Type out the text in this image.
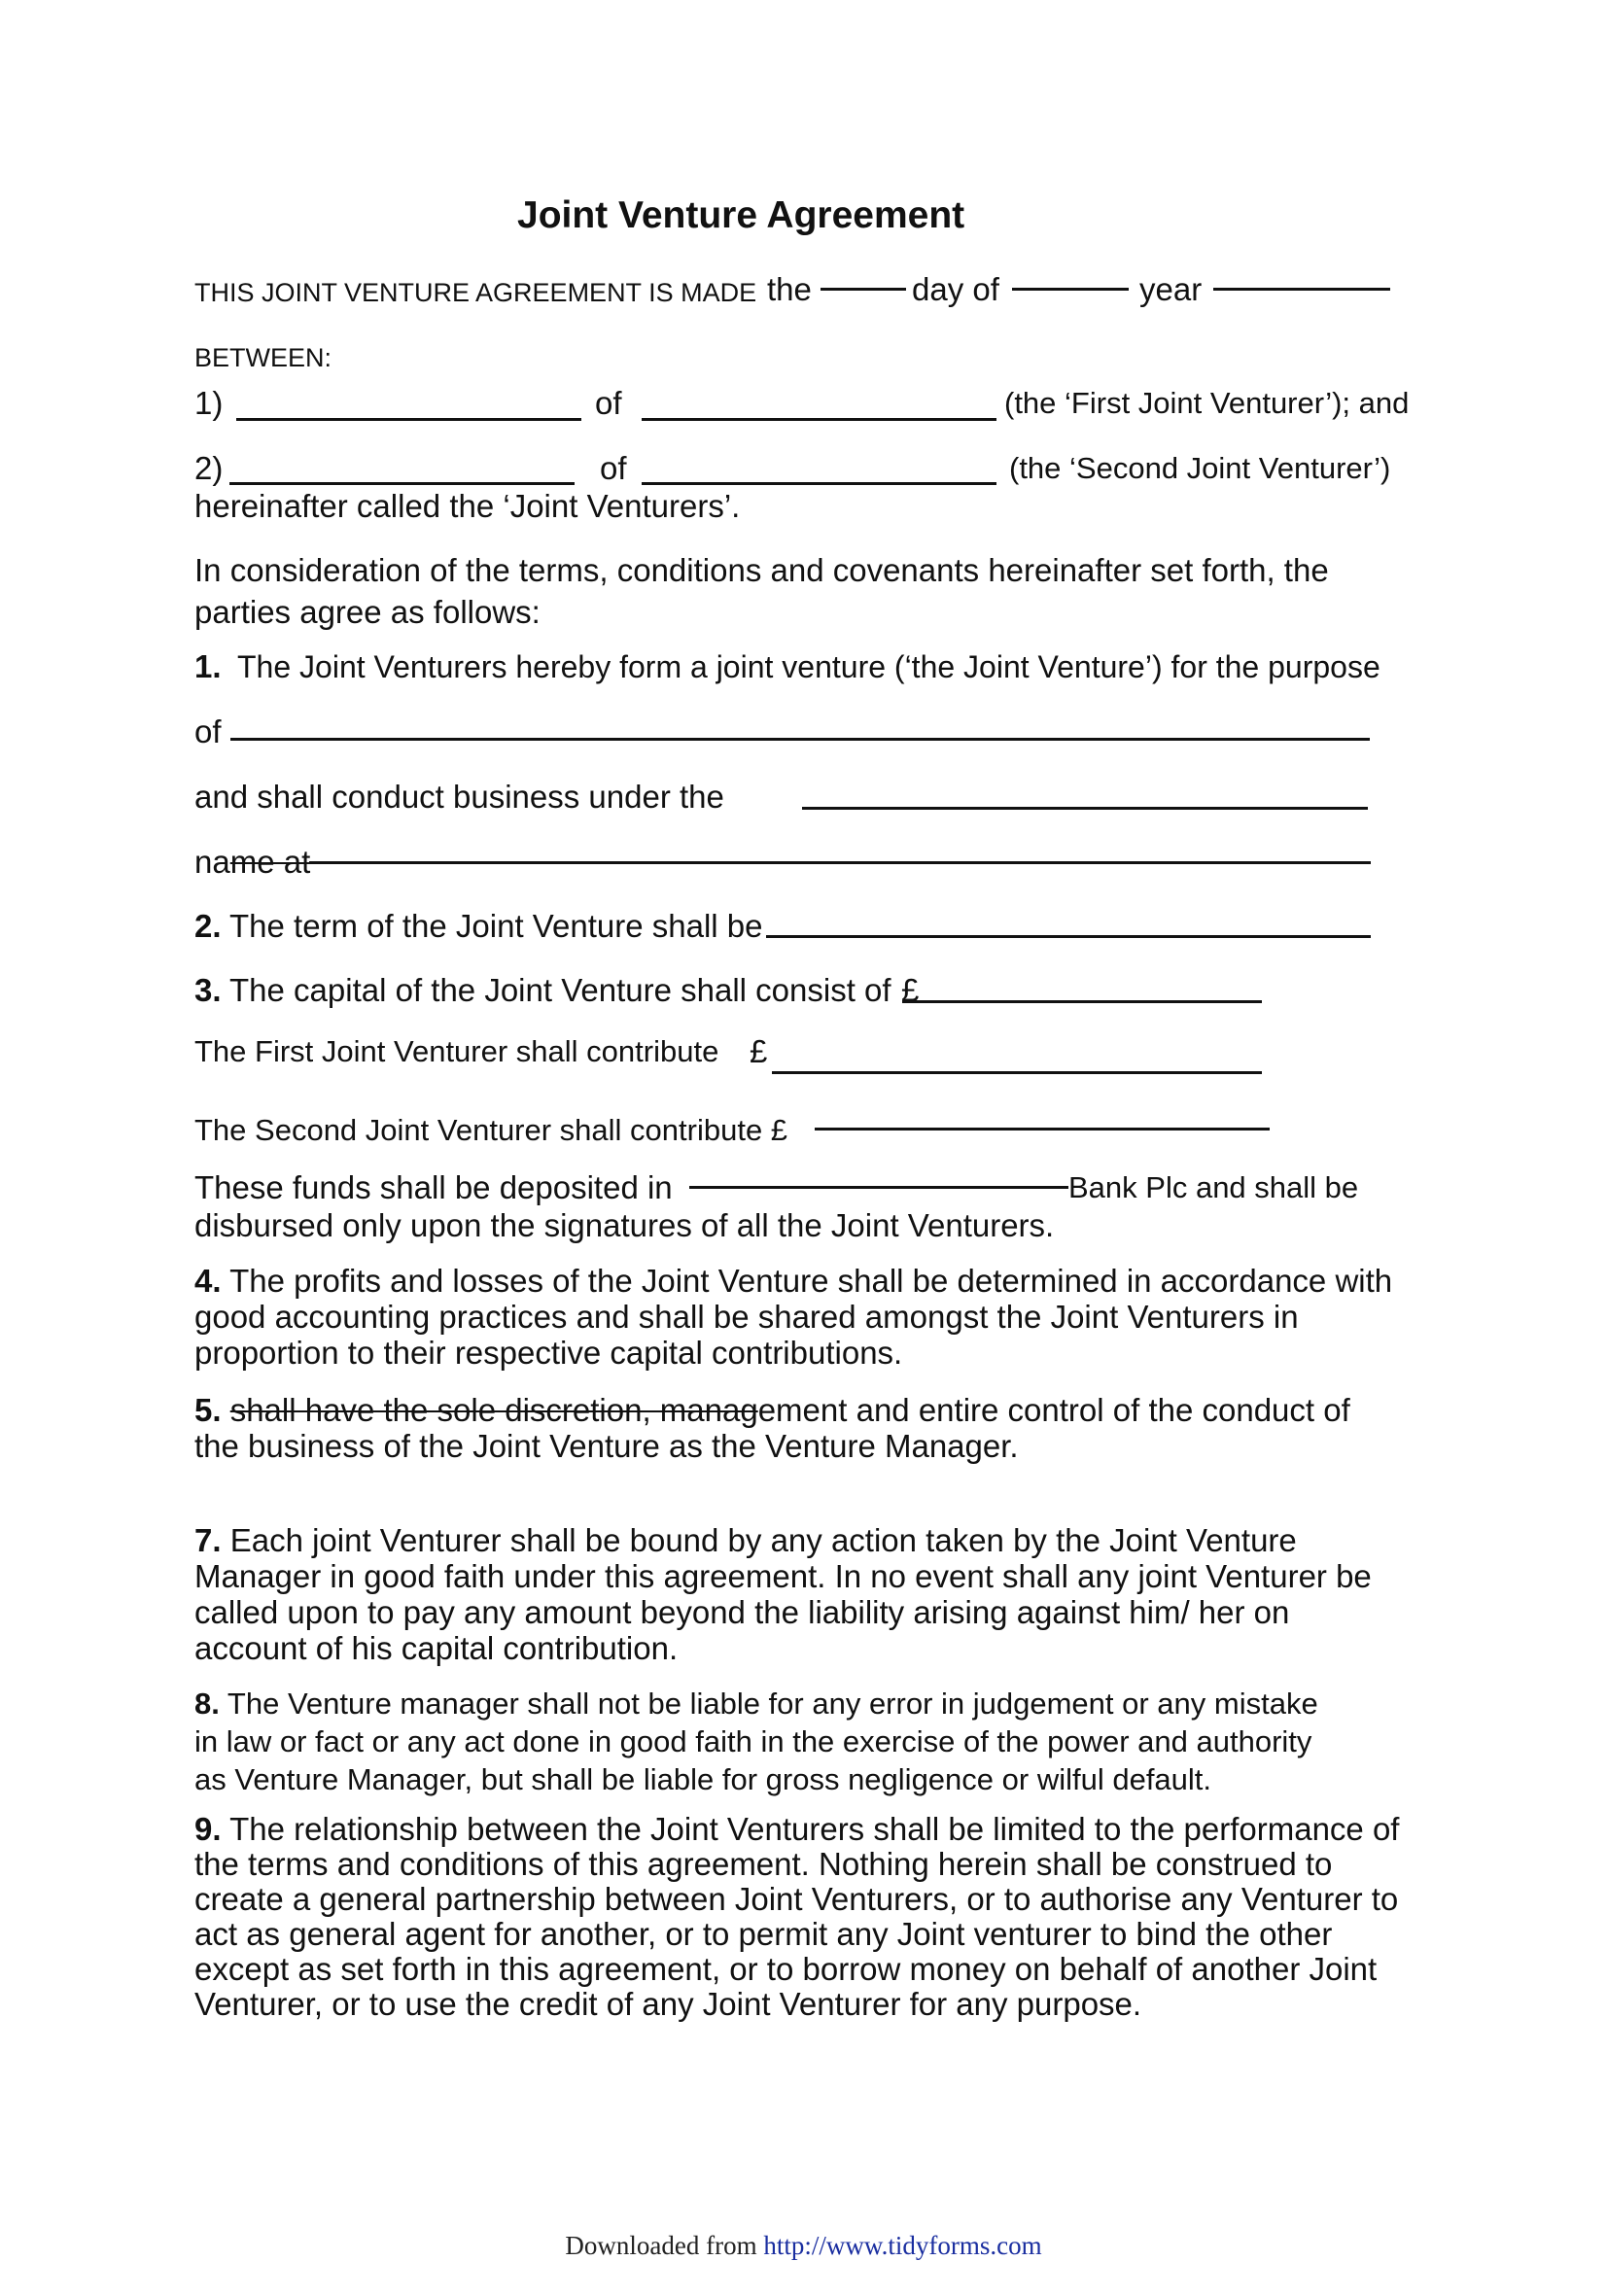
Joint Venture Agreement
THIS JOINT VENTURE AGREEMENT IS MADE the	day of	year
BETWEEN:
1)	of	(the ‘First Joint Venturer’); and
2)	of	(the ‘Second Joint Venturer’)
hereinafter called the ‘Joint Venturers’.
In consideration of the terms, conditions and covenants hereinafter set forth, the
parties agree as follows:
1. The Joint Venturers hereby form a joint venture (‘the Joint Venture’) for the purpose
of
and shall conduct business under the
name at
2. The term of the Joint Venture shall be
3. The capital of the Joint Venture shall consist of £
The First Joint Venturer shall contribute £
The Second Joint Venturer shall contribute £
These funds shall be deposited in	Bank Plc and shall be
disbursed only upon the signatures of all the Joint Venturers.
4. The profits and losses of the Joint Venture shall be determined in accordance with
good accounting practices and shall be shared amongst the Joint Venturers in
proportion to their respective capital contributions.
5. shall have the sole discretion, management and entire control of the conduct of
the business of the Joint Venture as the Venture Manager.
7. Each joint Venturer shall be bound by any action taken by the Joint Venture
Manager in good faith under this agreement. In no event shall any joint Venturer be
called upon to pay any amount beyond the liability arising against him/ her on
account of his capital contribution.
8. The Venture manager shall not be liable for any error in judgement or any mistake
in law or fact or any act done in good faith in the exercise of the power and authority
as Venture Manager, but shall be liable for gross negligence or wilful default.
9. The relationship between the Joint Venturers shall be limited to the performance of
the terms and conditions of this agreement. Nothing herein shall be construed to
create a general partnership between Joint Venturers, or to authorise any Venturer to
act as general agent for another, or to permit any Joint venturer to bind the other
except as set forth in this agreement, or to borrow money on behalf of another Joint
Venturer, or to use the credit of any Joint Venturer for any purpose.
Downloaded from http://www.tidyforms.com
